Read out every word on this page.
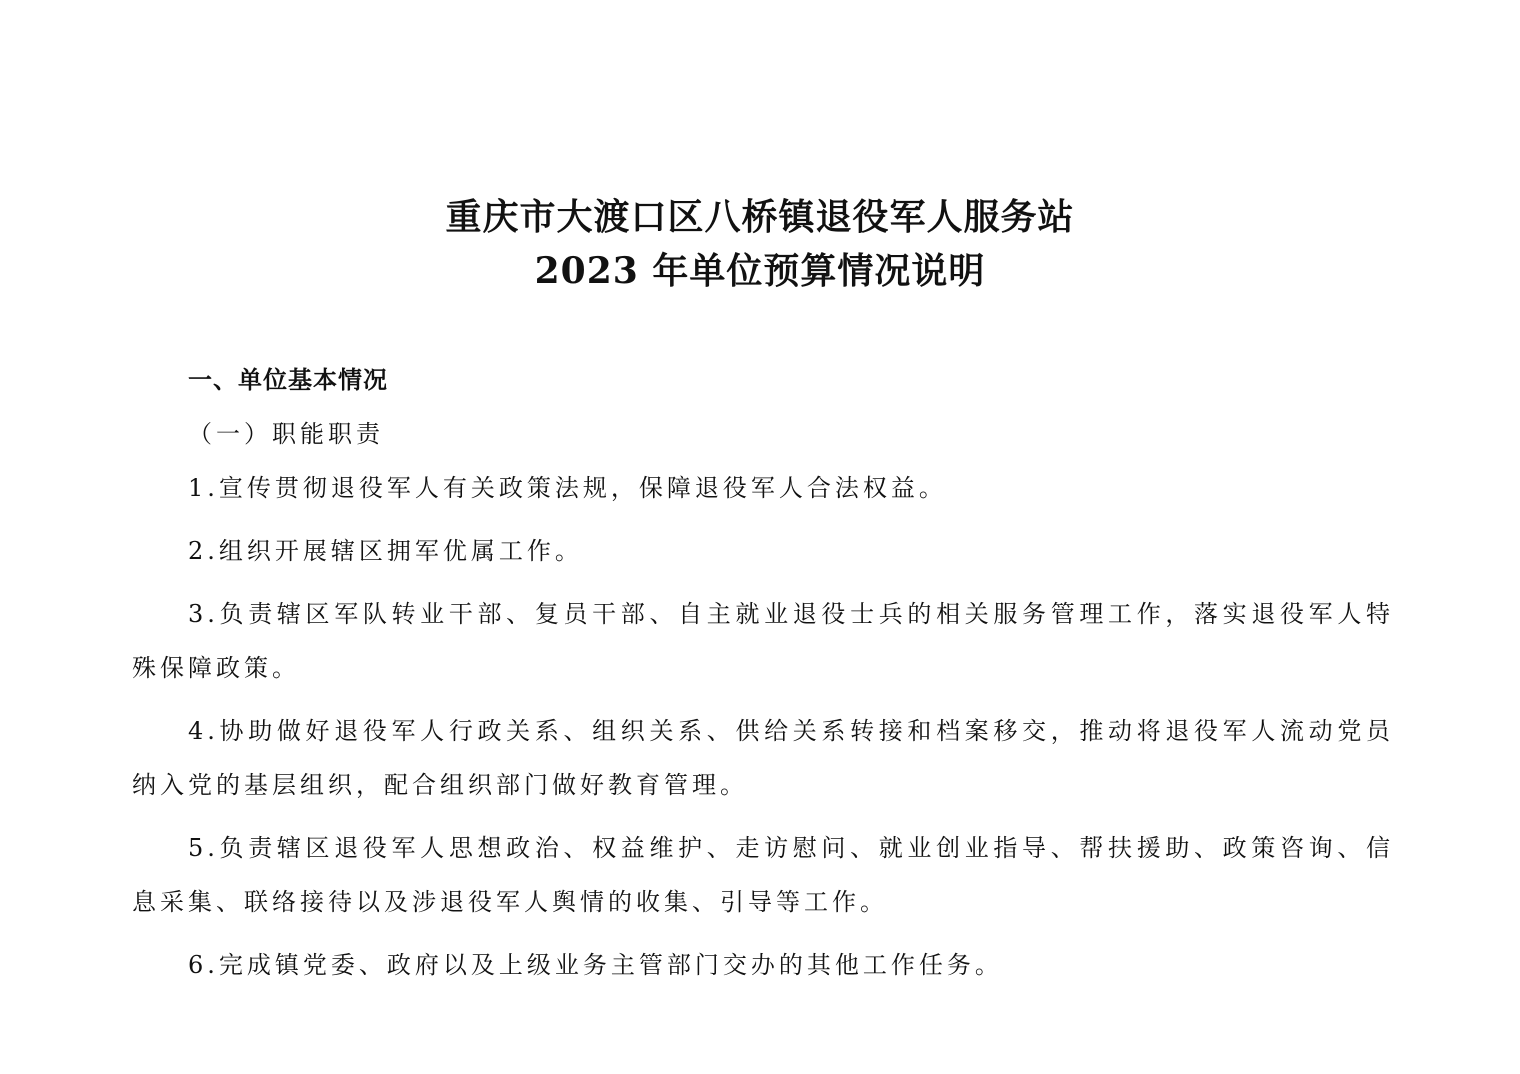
重庆市大渡口区八桥镇退役军人服务站
2023 年单位预算情况说明
一、单位基本情况
（一）职能职责
1.宣传贯彻退役军人有关政策法规，保障退役军人合法权益。
2.组织开展辖区拥军优属工作。
3.负责辖区军队转业干部、复员干部、自主就业退役士兵的相关服务管理工作，落实退役军人特殊保障政策。
4.协助做好退役军人行政关系、组织关系、供给关系转接和档案移交，推动将退役军人流动党员纳入党的基层组织，配合组织部门做好教育管理。
5.负责辖区退役军人思想政治、权益维护、走访慰问、就业创业指导、帮扶援助、政策咨询、信息采集、联络接待以及涉退役军人舆情的收集、引导等工作。
6.完成镇党委、政府以及上级业务主管部门交办的其他工作任务。
